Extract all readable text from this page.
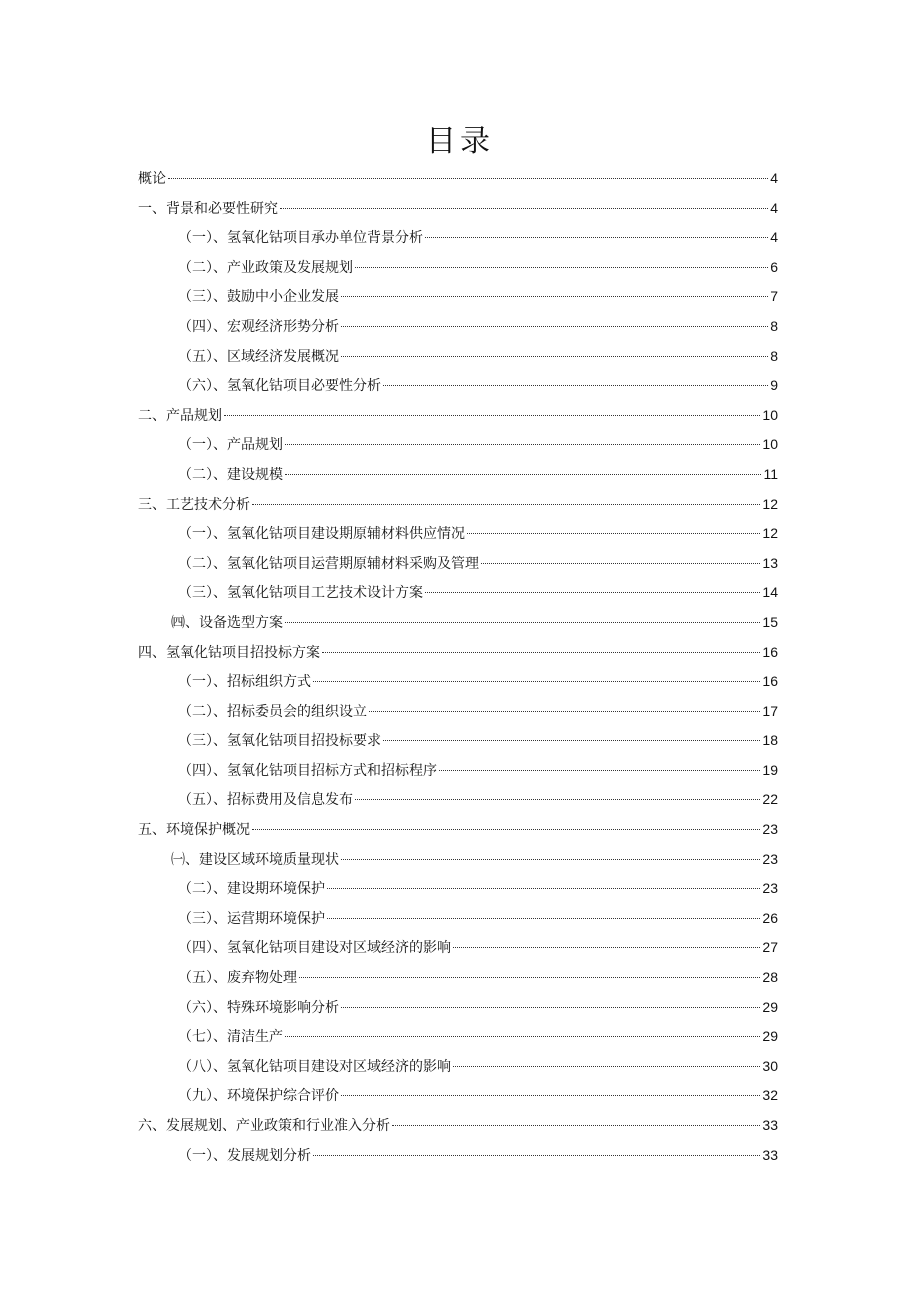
目录
概论	4
一、背景和必要性研究	4
（一）、氢氧化钴项目承办单位背景分析	4
（二）、产业政策及发展规划	6
（三）、鼓励中小企业发展	7
（四）、宏观经济形势分析	8
（五）、区域经济发展概况	8
（六）、氢氧化钴项目必要性分析	9
二、产品规划	10
（一）、产品规划	10
（二）、建设规模	11
三、工艺技术分析	12
（一）、氢氧化钴项目建设期原辅材料供应情况	12
（二）、氢氧化钴项目运营期原辅材料采购及管理	13
（三）、氢氧化钴项目工艺技术设计方案	14
㈣、设备选型方案	15
四、氢氧化钴项目招投标方案	16
（一）、招标组织方式	16
（二）、招标委员会的组织设立	17
（三）、氢氧化钴项目招投标要求	18
（四）、氢氧化钴项目招标方式和招标程序	19
（五）、招标费用及信息发布	22
五、环境保护概况	23
㈠、建设区域环境质量现状	23
（二）、建设期环境保护	23
（三）、运营期环境保护	26
（四）、氢氧化钴项目建设对区域经济的影响	27
（五）、废弃物处理	28
（六）、特殊环境影响分析	29
（七）、清洁生产	29
（八）、氢氧化钴项目建设对区域经济的影响	30
（九）、环境保护综合评价	32
六、发展规划、产业政策和行业准入分析	33
（一）、发展规划分析	33
